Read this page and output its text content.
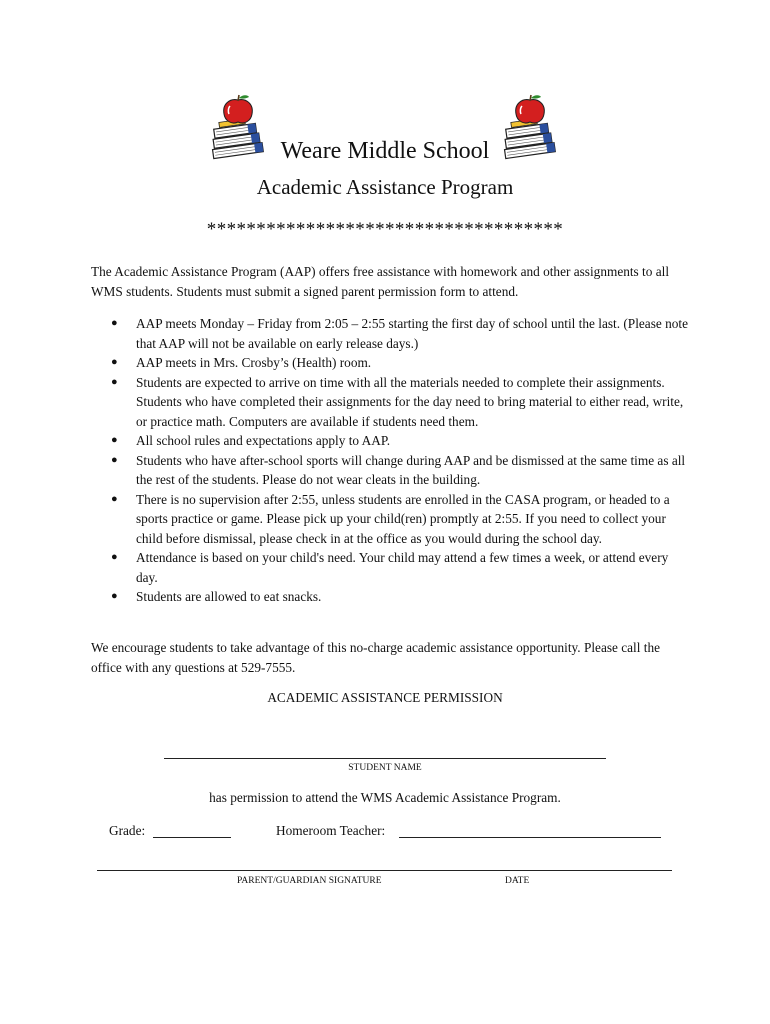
Weare Middle School
Academic Assistance Program
************************************
The Academic Assistance Program (AAP) offers free assistance with homework and other assignments to all WMS students. Students must submit a signed parent permission form to attend.
● AAP meets Monday – Friday from 2:05 – 2:55 starting the first day of school until the last. (Please note that AAP will not be available on early release days.)
● AAP meets in Mrs. Crosby’s (Health) room.
● Students are expected to arrive on time with all the materials needed to complete their assignments. Students who have completed their assignments for the day need to bring material to either read, write, or practice math. Computers are available if students need them.
● All school rules and expectations apply to AAP.
● Students who have after-school sports will change during AAP and be dismissed at the same time as all the rest of the students. Please do not wear cleats in the building.
● There is no supervision after 2:55, unless students are enrolled in the CASA program, or headed to a sports practice or game. Please pick up your child(ren) promptly at 2:55. If you need to collect your child before dismissal, please check in at the office as you would during the school day.
● Attendance is based on your child's need. Your child may attend a few times a week, or attend every day.
● Students are allowed to eat snacks.
We encourage students to take advantage of this no-charge academic assistance opportunity. Please call the office with any questions at 529-7555.
ACADEMIC ASSISTANCE PERMISSION
STUDENT NAME
has permission to attend the WMS Academic Assistance Program.
Grade:	Homeroom Teacher:
PARENT/GUARDIAN SIGNATURE	DATE
